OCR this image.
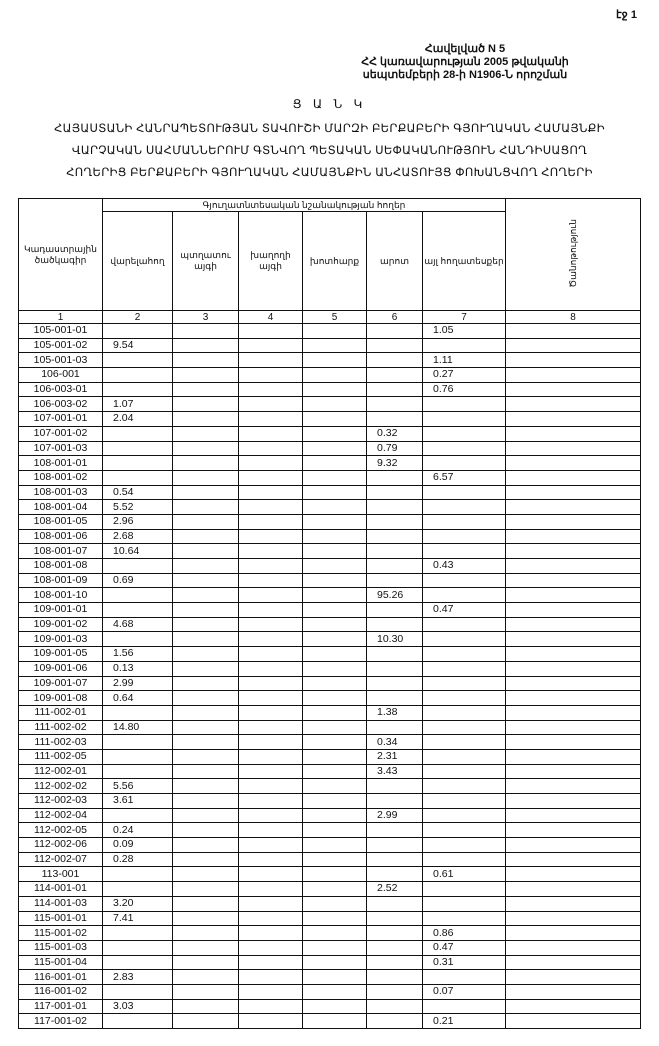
էջ 1
Հավելված N 5
ՀՀ կառավարության 2005 թվականի
սեպտեմբերի 28-ի N1906-Ն որոշման
Ց Ա Ն Կ
ՀԱՅԱՍՏԱՆԻ ՀԱՆՐԱՊԵՏՈՒԹՅԱՆ ՏԱՎՈՒՇԻ ՄԱՐԶԻ ԲԵՐՔԱԲԵՐԻ ԳՅՈՒՂԱԿԱՆ ՀԱՄԱՅՆՔԻ
ՎԱՐՉԱԿԱՆ ՍԱՀՄԱՆՆԵՐՈՒՄ ԳՏՆՎՈՂ ՊԵՏԱԿԱՆ ՍԵՓԱԿԱՆՈՒԹՅՈՒՆ ՀԱՆԴԻՍԱՑՈՂ
ՀՈՂԵՐԻՑ ԲԵՐՔԱԲԵՐԻ ԳՅՈՒՂԱԿԱՆ ՀԱՄԱՅՆՔԻՆ ԱՆՀԱՏՈՒՅՑ ՓՈԽԱՆՑՎՈՂ ՀՈՂԵՐԻ
Կադաստրային ծածկագիր	Գյուղատնտեսական նշանակության հողեր						Ծանոթություն
	վարելահող	պտղատու այգի	խաղողի այգի	խոտհարք	արոտ	այլ հողատեսքեր	
1	2	3	4	5	6	7	8
105-001-01						1.05	
105-001-02	9.54						
105-001-03						1.11	
106-001						0.27	
106-003-01						0.76	
106-003-02	1.07						
107-001-01	2.04						
107-001-02					0.32		
107-001-03					0.79		
108-001-01					9.32		
108-001-02						6.57	
108-001-03	0.54						
108-001-04	5.52						
108-001-05	2.96						
108-001-06	2.68						
108-001-07	10.64						
108-001-08						0.43	
108-001-09	0.69						
108-001-10					95.26		
109-001-01						0.47	
109-001-02	4.68						
109-001-03					10.30		
109-001-05	1.56						
109-001-06	0.13						
109-001-07	2.99						
109-001-08	0.64						
111-002-01					1.38		
111-002-02	14.80						
111-002-03					0.34		
111-002-05					2.31		
112-002-01					3.43		
112-002-02	5.56						
112-002-03	3.61						
112-002-04					2.99		
112-002-05	0.24						
112-002-06	0.09						
112-002-07	0.28						
113-001						0.61	
114-001-01					2.52		
114-001-03	3.20						
115-001-01	7.41						
115-001-02						0.86	
115-001-03						0.47	
115-001-04						0.31	
116-001-01	2.83						
116-001-02						0.07	
117-001-01	3.03						
117-001-02						0.21	
